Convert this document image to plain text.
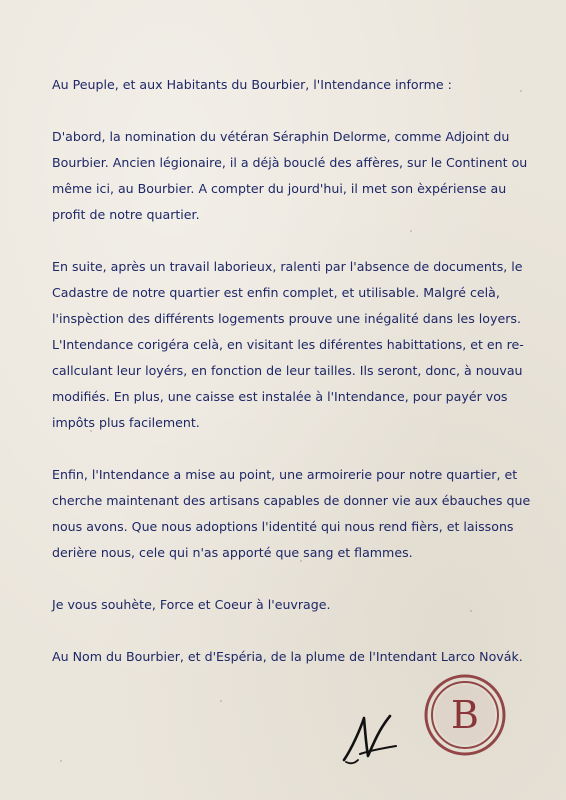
Au Peuple, et aux Habitants du Bourbier, l'Intendance informe :

D'abord, la nomination du vétéran Séraphin Delorme, comme Adjoint du Bourbier. Ancien légionaire, il a déjà bouclé des affères, sur le Continent ou même ici, au Bourbier. A compter du jourd'hui, il met son èxpériense au profit de notre quartier.

En suite, après un travail laborieux, ralenti par l'absence de documents, le Cadastre de notre quartier est enfin complet, et utilisable. Malgré celà, l'inspèction des différents logements prouve une inégalité dans les loyers. L'Intendance corigéra celà, en visitant les diférentes habittations, et en re-callculant leur loyérs, en fonction de leur tailles. Ils seront, donc, à nouvau modifiés. En plus, une caisse est instalée à l'Intendance, pour payér vos impôts plus facilement.

Enfin, l'Intendance a mise au point, une armoirerie pour notre quartier, et cherche maintenant des artisans capables de donner vie aux ébauches que nous avons. Que nous adoptions l'identité qui nous rend fièrs, et laissons derière nous, cele qui n'as apporté que sang et flammes.

Je vous souhète, Force et Coeur à l'euvrage.

Au Nom du Bourbier, et d'Espéria, de la plume de l'Intendant Larco Novák.

B
